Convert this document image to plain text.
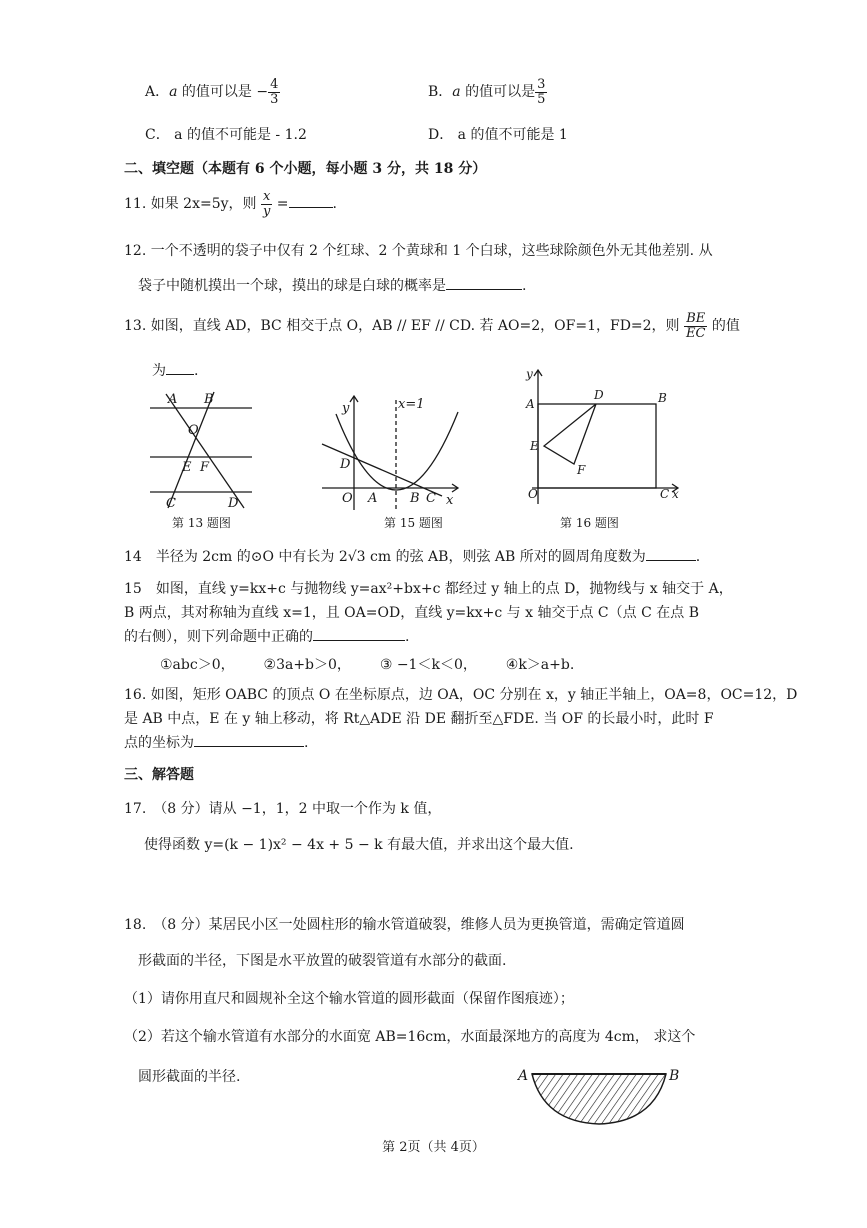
A．a 的值可以是 − $\frac{4}{3}$	B．a 的值可以是 $\frac{3}{5}$
C． a 的值不可能是 - 1.2	D． a 的值不可能是 1
二、填空题（本题有 6 个小题，每小题 3 分，共 18 分）
11. 如果 2x=5y，则 $\frac{x}{y}$ =	.
12. 一个不透明的袋子中仅有 2 个红球、2 个黄球和 1 个白球，这些球除颜色外无其他差别. 从
袋子中随机摸出一个球，摸出的球是白球的概率是	.
13. 如图，直线 AD，BC 相交于点 O，AB // EF // CD. 若 AO=2，OF=1，FD=2，则 $\frac{BE}{EC}$ 的值
为 .
A B
O
E F
C	D
第 13 题图
y	x=1
D
O A	B C x
第 15 题图
y
A
D	B
E
F
O	C x
第 16 题图
14　半径为 2cm 的⊙O 中有长为 2√3 cm 的弦 AB，则弦 AB 所对的圆周角度数为	.
15　如图，直线 y=kx+c 与抛物线 y=ax²+bx+c 都经过 y 轴上的点 D，抛物线与 x 轴交于 A，
B 两点，其对称轴为直线 x=1，且 OA=OD，直线 y=kx+c 与 x 轴交于点 C（点 C 在点 B
的右侧），则下列命题中正确的	.
①abc＞0， ②3a+b＞0， ③ −1＜k＜0， ④k＞a+b.
16. 如图，矩形 OABC 的顶点 O 在坐标原点，边 OA，OC 分别在 x，y 轴正半轴上，OA=8，OC=12，D
是 AB 中点，E 在 y 轴上移动，将 Rt△ADE 沿 DE 翻折至△FDE. 当 OF 的长最小时，此时 F
点的坐标为	.
三、解答题
17.　（8 分）请从 −1，1，2 中取一个作为 k 值，
使得函数 y=(k − 1)x² − 4x + 5 − k 有最大值，并求出这个最大值.
18.　（8 分）某居民小区一处圆柱形的输水管道破裂，维修人员为更换管道，需确定管道圆
形截面的半径，下图是水平放置的破裂管道有水部分的截面.
（1）请你用直尺和圆规补全这个输水管道的圆形截面（保留作图痕迹）；
（2）若这个输水管道有水部分的水面宽 AB=16cm，水面最深地方的高度为 4cm， 求这个
圆形截面的半径.	A	B
第 2页（共 4页）
